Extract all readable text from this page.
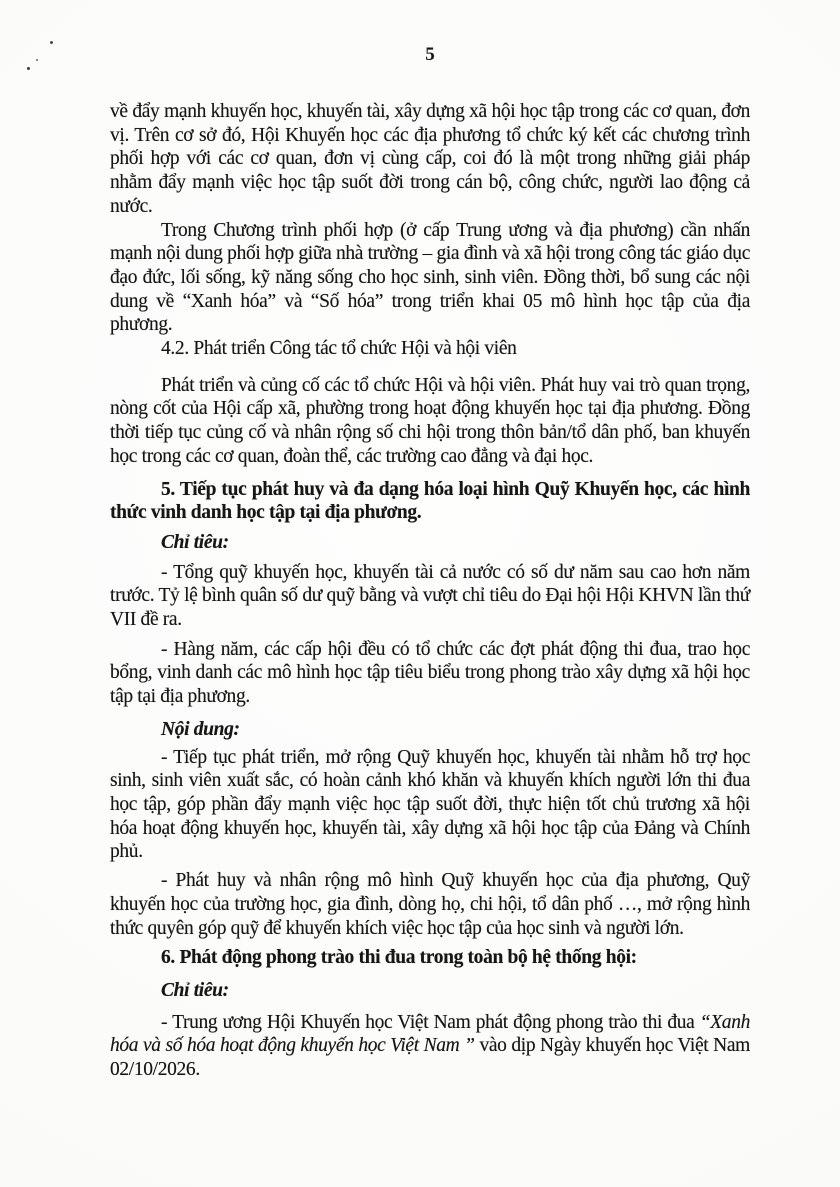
5

về đẩy mạnh khuyến học, khuyến tài, xây dựng xã hội học tập trong các cơ quan, đơn vị. Trên cơ sở đó, Hội Khuyến học các địa phương tổ chức ký kết các chương trình phối hợp với các cơ quan, đơn vị cùng cấp, coi đó là một trong những giải pháp nhằm đẩy mạnh việc học tập suốt đời trong cán bộ, công chức, người lao động cả nước.

Trong Chương trình phối hợp (ở cấp Trung ương và địa phương) cần nhấn mạnh nội dung phối hợp giữa nhà trường – gia đình và xã hội trong công tác giáo dục đạo đức, lối sống, kỹ năng sống cho học sinh, sinh viên. Đồng thời, bổ sung các nội dung về “Xanh hóa” và “Số hóa” trong triển khai 05 mô hình học tập của địa phương.

4.2. Phát triển Công tác tổ chức Hội và hội viên

Phát triển và củng cố các tổ chức Hội và hội viên. Phát huy vai trò quan trọng, nòng cốt của Hội cấp xã, phường trong hoạt động khuyến học tại địa phương. Đồng thời tiếp tục củng cố và nhân rộng số chi hội trong thôn bản/tổ dân phố, ban khuyến học trong các cơ quan, đoàn thể, các trường cao đẳng và đại học.

5. Tiếp tục phát huy và đa dạng hóa loại hình Quỹ Khuyến học, các hình thức vinh danh học tập tại địa phương.

Chỉ tiêu:

- Tổng quỹ khuyến học, khuyến tài cả nước có số dư năm sau cao hơn năm trước. Tỷ lệ bình quân số dư quỹ bằng và vượt chỉ tiêu do Đại hội Hội KHVN lần thứ VII đề ra.

- Hàng năm, các cấp hội đều có tổ chức các đợt phát động thi đua, trao học bổng, vinh danh các mô hình học tập tiêu biểu trong phong trào xây dựng xã hội học tập tại địa phương.

Nội dung:

- Tiếp tục phát triển, mở rộng Quỹ khuyến học, khuyến tài nhằm hỗ trợ học sinh, sinh viên xuất sắc, có hoàn cảnh khó khăn và khuyến khích người lớn thi đua học tập, góp phần đẩy mạnh việc học tập suốt đời, thực hiện tốt chủ trương xã hội hóa hoạt động khuyến học, khuyến tài, xây dựng xã hội học tập của Đảng và Chính phủ.

- Phát huy và nhân rộng mô hình Quỹ khuyến học của địa phương, Quỹ khuyến học của trường học, gia đình, dòng họ, chi hội, tổ dân phố …, mở rộng hình thức quyên góp quỹ để khuyến khích việc học tập của học sinh và người lớn.

6. Phát động phong trào thi đua trong toàn bộ hệ thống hội:

Chỉ tiêu:

- Trung ương Hội Khuyến học Việt Nam phát động phong trào thi đua “Xanh hóa và số hóa hoạt động khuyến học Việt Nam ” vào dịp Ngày khuyến học Việt Nam 02/10/2026.
